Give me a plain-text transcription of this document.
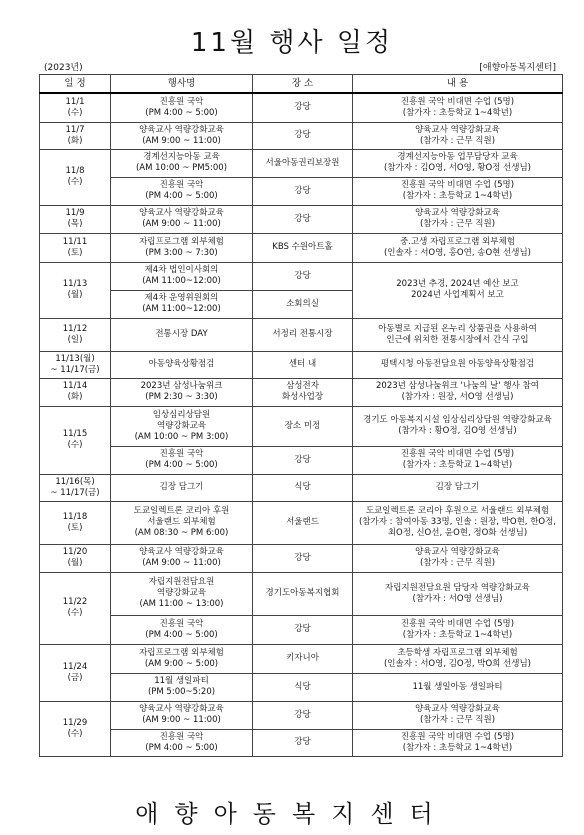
11월 행사 일정
(2023년)	[애향아동복지센터]
일 정	행사명	장 소	내 용
11/1
(수)	진흥원 국악
(PM 4:00 ~ 5:00)	강당	진흥원 국악 비대면 수업 (5명)
(참가자 : 초등학교 1~4학년)
11/7
(화)	양육교사 역량강화교육
(AM 9:00 ~ 11:00)	강당	양육교사 역량강화교육
(참가자 : 근무 직원)
11/8
(수)	경계선지능아동 교육
(AM 10:00 ~ PM5:00)	서울아동권리보장원	경계선지능아동 업무담당자 교육
(참가자 : 김O영, 서O영, 황O정 선생님)
	진흥원 국악
(PM 4:00 ~ 5:00)	강당	진흥원 국악 비대면 수업 (5명)
(참가자 : 초등학교 1~4학년)
11/9
(목)	양육교사 역량강화교육
(AM 9:00 ~ 11:00)	강당	양육교사 역량강화교육
(참가자 : 근무 직원)
11/11
(토)	자립프로그램 외부체험
(PM 3:00 ~ 7:30)	KBS 수원아트홀	중.고생 자립프로그램 외부체험
(인솔자 : 서O영, 홍O연, 송O현 선생님)
11/13
(월)	제4차 법인이사회의
(AM 11:00~12:00)	강당	2023년 추경, 2024년 예산 보고
2024년 사업계획서 보고
	제4차 운영위원회의
(AM 11:00~12:00)	소회의실	
11/12
(일)	전통시장 DAY	서정리 전통시장	아동별로 지급된 온누리 상품권을 사용하여
인근에 위치한 전통시장에서 간식 구입
11/13(월)
~ 11/17(금)	아동양육상황점검	센터 내	평택시청 아동전담요원 아동양육상황점검
11/14
(화)	2023년 삼성나눔위크
(PM 2:30 ~ 3:30)	삼성전자
화성사업장	2023년 삼성나눔위크 '나눔의 날' 행사 참여
(참가자 : 원장, 서O영 선생님)
11/15
(수)	임상심리상담원
역량강화교육
(AM 10:00 ~ PM 3:00)	장소 미정	경기도 아동복지시설 임상심리상담원 역량강화교육
(참가자 : 황O정, 김O영 선생님)
	진흥원 국악
(PM 4:00 ~ 5:00)	강당	진흥원 국악 비대면 수업 (5명)
(참가자 : 초등학교 1~4학년)
11/16(목)
~ 11/17(금)	김장 담그기	식당	김장 담그기
11/18
(토)	도쿄일렉트론 코리아 후원
서울랜드 외부체험
(AM 08:30 ~ PM 6:00)	서울랜드	도쿄일렉트론 코리아 후원으로 서울랜드 외부체험
(참가자 : 참여아동 33명, 인솔 : 원장, 박O현, 한O정,
최O정, 신O선, 윤O현, 정O화 선생님)
11/20
(월)	양육교사 역량강화교육
(AM 9:00 ~ 11:00)	강당	양육교사 역량강화교육
(참가자 : 근무 직원)
11/22
(수)	자립지원전담요원
역량강화교육
(AM 11:00 ~ 13:00)	경기도아동복지협회	자립지원전담요원 담당자 역량강화교육
(참가자 : 서O영 선생님)
	진흥원 국악
(PM 4:00 ~ 5:00)	강당	진흥원 국악 비대면 수업 (5명)
(참가자 : 초등학교 1~4학년)
11/24
(금)	자립프로그램 외부체험
(AM 9:00 ~ 5:00)	키자니아	초등학생 자립프로그램 외부체험
(인솔자 : 서O영, 김O정, 박O희 선생님)
	11월 생일파티
(PM 5:00~5:20)	식당	11월 생일아동 생일파티
11/29
(수)	양육교사 역량강화교육
(AM 9:00 ~ 11:00)	강당	양육교사 역량강화교육
(참가자 : 근무 직원)
	진흥원 국악
(PM 4:00 ~ 5:00)	강당	진흥원 국악 비대면 수업 (5명)
(참가자 : 초등학교 1~4학년)
애향아동복지센터
